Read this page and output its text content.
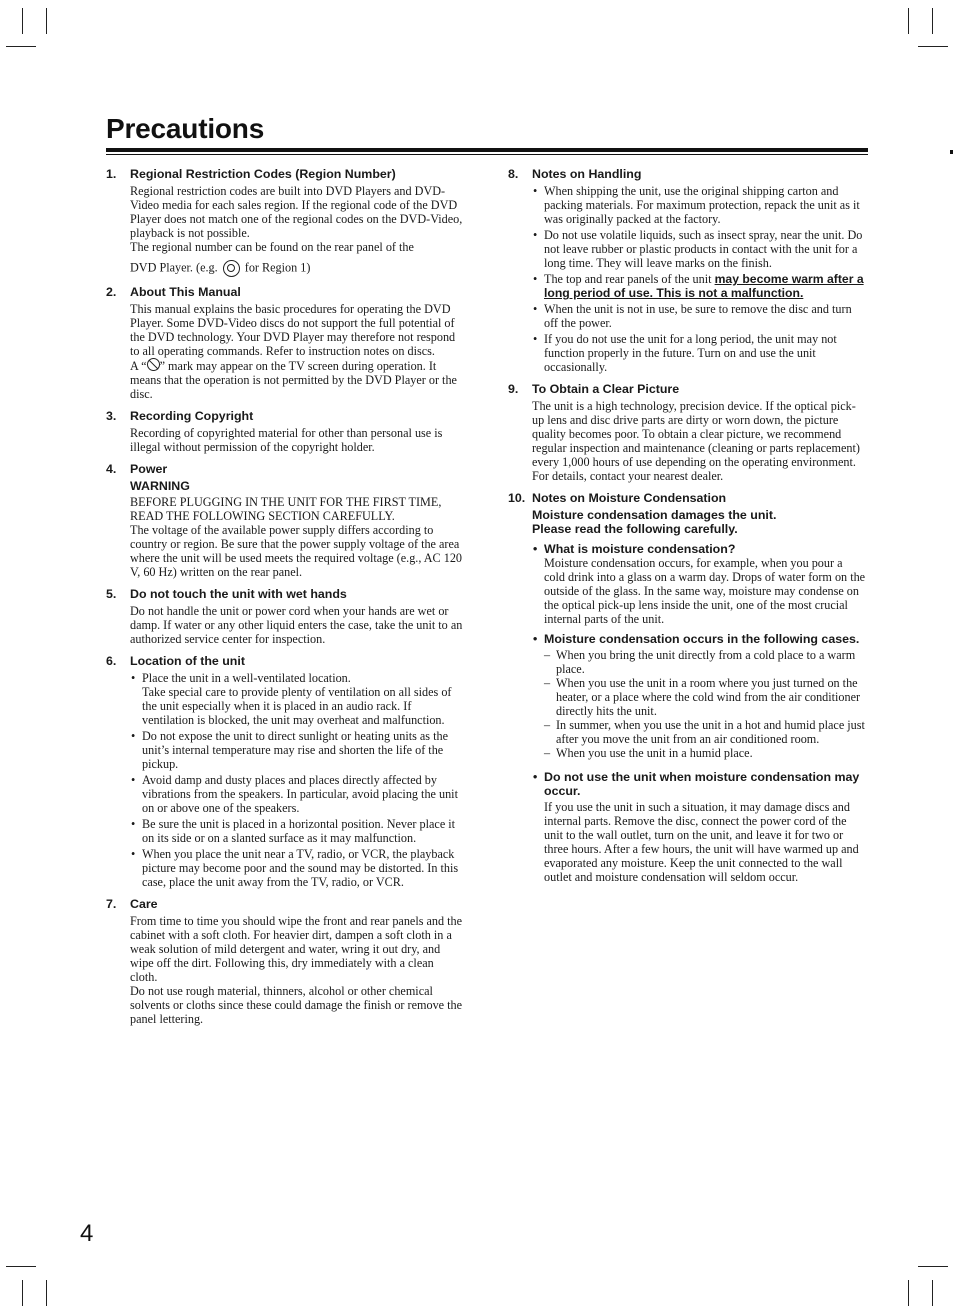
Precautions
1.	Regional Restriction Codes (Region Number)

Regional restriction codes are built into DVD Players and DVD-Video media for each sales region. If the regional code of the DVD Player does not match one of the regional codes on the DVD-Video, playback is not possible.

The regional number can be found on the rear panel of the

DVD Player. (e.g. for Region 1)

2.	About This Manual

This manual explains the basic procedures for operating the DVD Player. Some DVD-Video discs do not support the full potential of the DVD technology. Your DVD Player may therefore not respond to all operating commands. Refer to instruction notes on discs.

A “ ” mark may appear on the TV screen during operation. It means that the operation is not permitted by the DVD Player or the disc.

3.	Recording Copyright

Recording of copyrighted material for other than personal use is illegal without permission of the copyright holder.

4.	Power

WARNING

BEFORE PLUGGING IN THE UNIT FOR THE FIRST TIME, READ THE FOLLOWING SECTION CAREFULLY.

The voltage of the available power supply differs according to country or region. Be sure that the power supply voltage of the area where the unit will be used meets the required voltage (e.g., AC 120 V, 60 Hz) written on the rear panel.

5.	Do not touch the unit with wet hands

Do not handle the unit or power cord when your hands are wet or damp. If water or any other liquid enters the case, take the unit to an authorized service center for inspection.

6.	Location of the unit
• Place the unit in a well-ventilated location.
Take special care to provide plenty of ventilation on all sides of the unit especially when it is placed in an audio rack. If ventilation is blocked, the unit may overheat and malfunction.
• Do not expose the unit to direct sunlight or heating units as the unit’s internal temperature may rise and shorten the life of the pickup.
• Avoid damp and dusty places and places directly affected by vibrations from the speakers. In particular, avoid placing the unit on or above one of the speakers.
• Be sure the unit is placed in a horizontal position. Never place it on its side or on a slanted surface as it may malfunction.
• When you place the unit near a TV, radio, or VCR, the playback picture may become poor and the sound may be distorted. In this case, place the unit away from the TV, radio, or VCR.
7.	Care

From time to time you should wipe the front and rear panels and the cabinet with a soft cloth. For heavier dirt, dampen a soft cloth in a weak solution of mild detergent and water, wring it out dry, and wipe off the dirt. Following this, dry immediately with a clean cloth.

Do not use rough material, thinners, alcohol or other chemical solvents or cloths since these could damage the finish or remove the panel lettering.

8.	Notes on Handling
• When shipping the unit, use the original shipping carton and packing materials. For maximum protection, repack the unit as it was originally packed at the factory.
• Do not use volatile liquids, such as insect spray, near the unit. Do not leave rubber or plastic products in contact with the unit for a long time. They will leave marks on the finish.
• The top and rear panels of the unit may become warm after a long period of use. This is not a malfunction.
• When the unit is not in use, be sure to remove the disc and turn off the power.
• If you do not use the unit for a long period, the unit may not function properly in the future. Turn on and use the unit occasionally.
9.	To Obtain a Clear Picture

The unit is a high technology, precision device. If the optical pick-up lens and disc drive parts are dirty or worn down, the picture quality becomes poor. To obtain a clear picture, we recommend regular inspection and maintenance (cleaning or parts replacement) every 1,000 hours of use depending on the operating environment. For details, contact your nearest dealer.

10. Notes on Moisture Condensation

Moisture condensation damages the unit.

Please read the following carefully.

• What is moisture condensation?

Moisture condensation occurs, for example, when you pour a cold drink into a glass on a warm day. Drops of water form on the outside of the glass. In the same way, moisture may condense on the optical pick-up lens inside the unit, one of the most crucial internal parts of the unit.

• Moisture condensation occurs in the following cases.

– When you bring the unit directly from a cold place to a warm place.
– When you use the unit in a room where you just turned on the heater, or a place where the cold wind from the air conditioner directly hits the unit.
– In summer, when you use the unit in a hot and humid place just after you move the unit from an air conditioned room.
– When you use the unit in a humid place.

• Do not use the unit when moisture condensation may occur.

If you use the unit in such a situation, it may damage discs and internal parts. Remove the disc, connect the power cord of the unit to the wall outlet, turn on the unit, and leave it for two or three hours. After a few hours, the unit will have warmed up and evaporated any moisture. Keep the unit connected to the wall outlet and moisture condensation will seldom occur.

4
